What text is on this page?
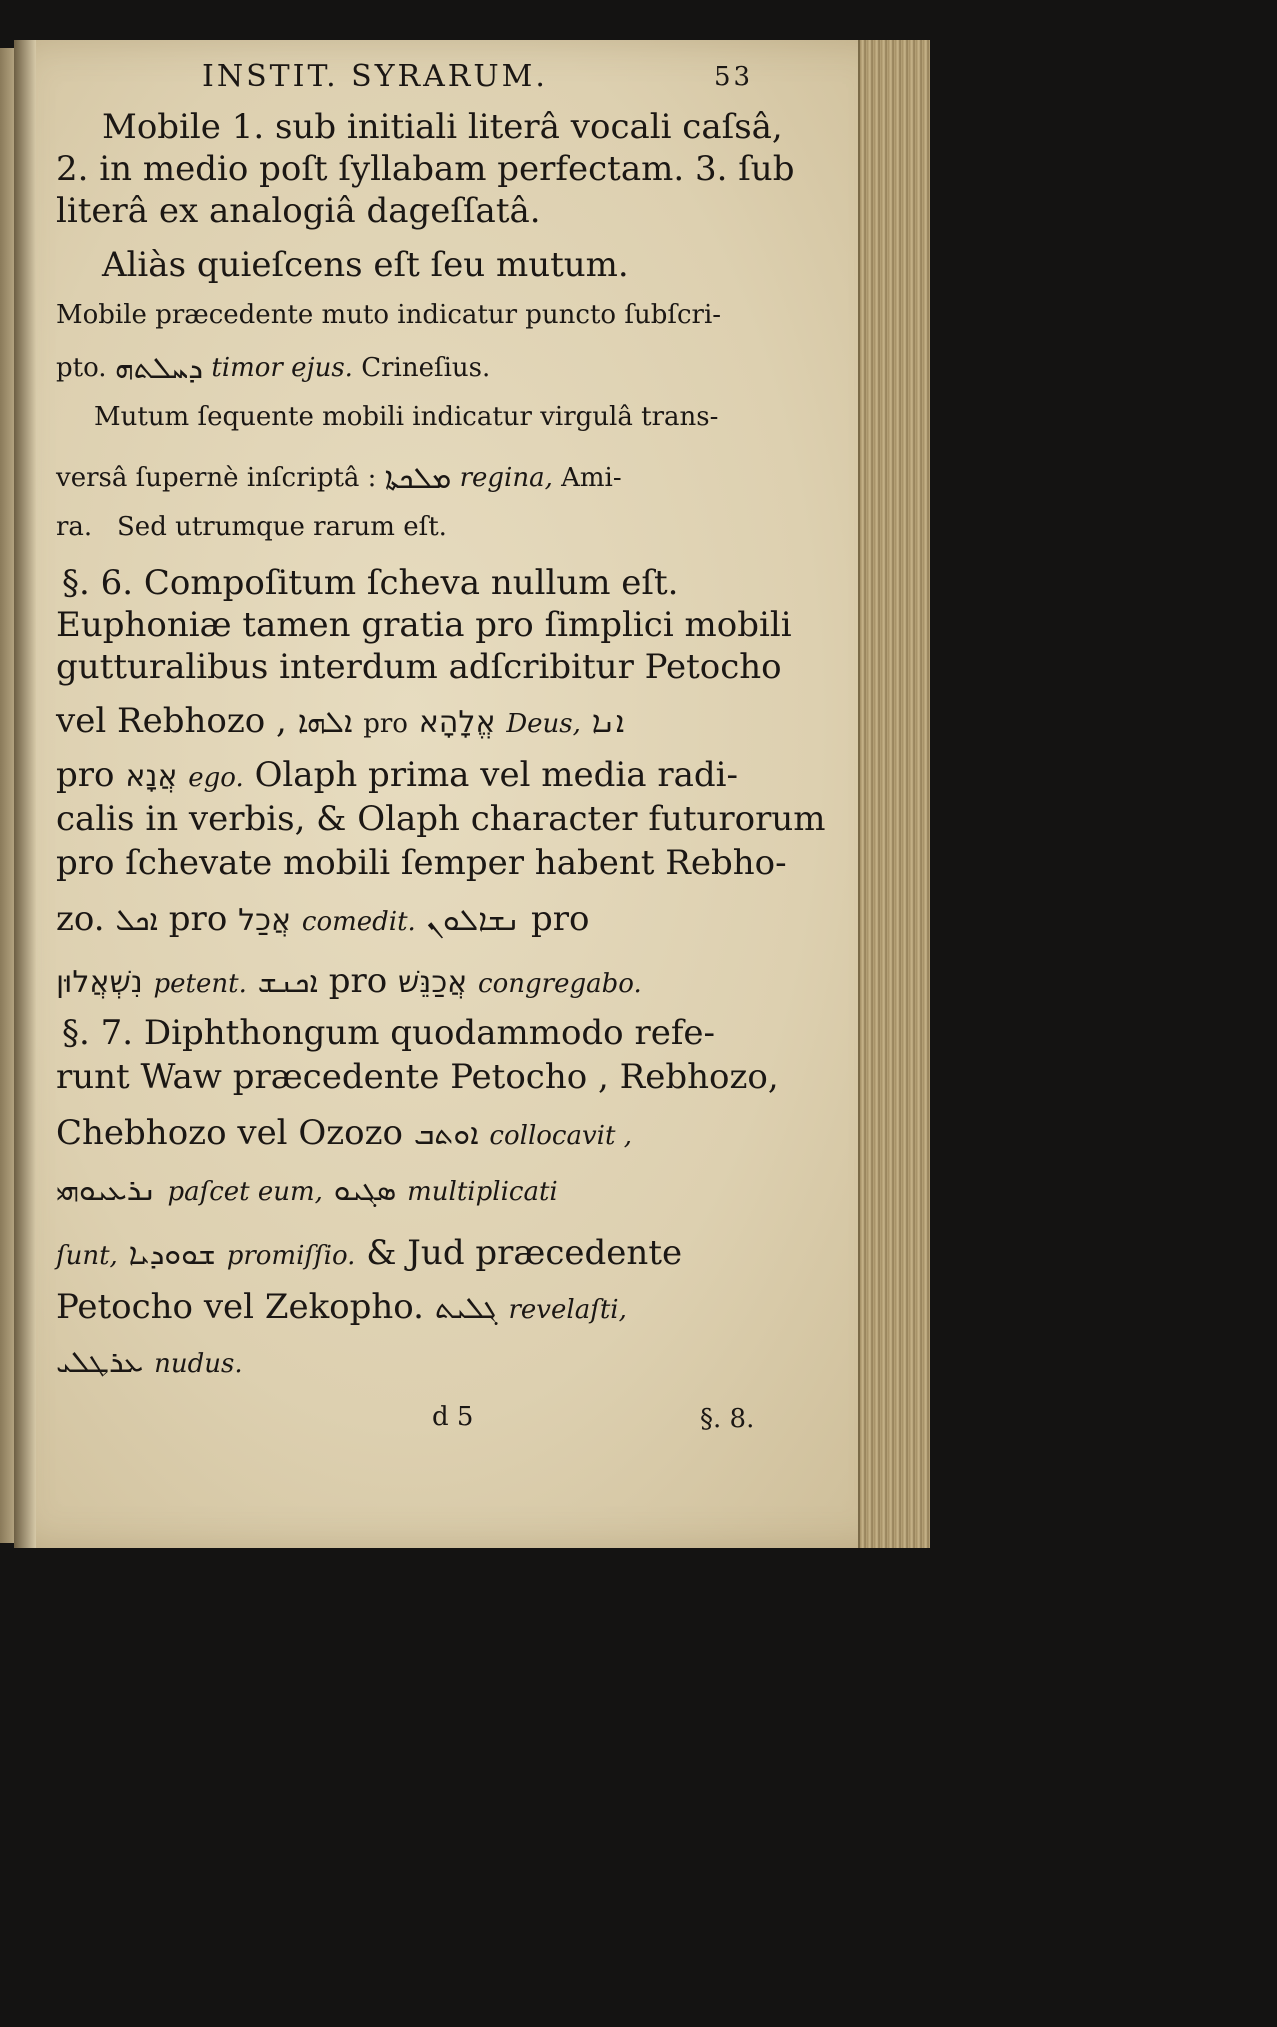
INSTIT. SYRARUM.	53
Mobile 1. sub initiali literâ vocali caſsâ,
2. in medio poſt ſyllabam perfectam. 3. ſub
literâ ex analogiâ dageſſatâ.
Aliàs quieſcens eſt ſeu mutum.
Mobile præcedente muto indicatur puncto ſubſcri-
pto. ܕܚܠܬܗ timor ejus. Crineſius.
Mutum ſequente mobili indicatur virgulâ trans-
versâ ſupernè inſcriptâ : ܡܠܟܬܐ regina, Ami-
ra. Sed utrumque rarum eſt.
§. 6. Compoſitum ſcheva nullum eſt.
Euphoniæ tamen gratia pro ſimplici mobili
gutturalibus interdum adſcribitur Petocho
vel Rebhozo , ܐܠܗܐ pro אֱלָהָא Deus, ܐܢܐ
pro אֲנָא ego. Olaph prima vel media radi-
calis in verbis, & Olaph character futurorum
pro ſchevate mobili ſemper habent Rebho-
zo. ܐܟܠ pro אֲכַל comedit. ܢܫܐܠܘܢ pro
נִשְׁאֲלוּן petent. ܐܟܢܫ pro אֲכַנֵּשׁ congregabo.
§. 7. Diphthongum quodammodo refe-
runt Waw præcedente Petocho , Rebhozo,
Chebhozo vel Ozozo ܐܘܬܒ collocavit ,
ܢܪܥܝܘܗܝ paſcet eum, ܣܓܝܘ multiplicati
ſunt, ܫܘܘܕܝܐ promiſſio. & Jud præcedente
Petocho vel Zekopho. ܓܠܝܬ revelaſti,
ܥܪܛܠܝ nudus.
d 5	§. 8.
